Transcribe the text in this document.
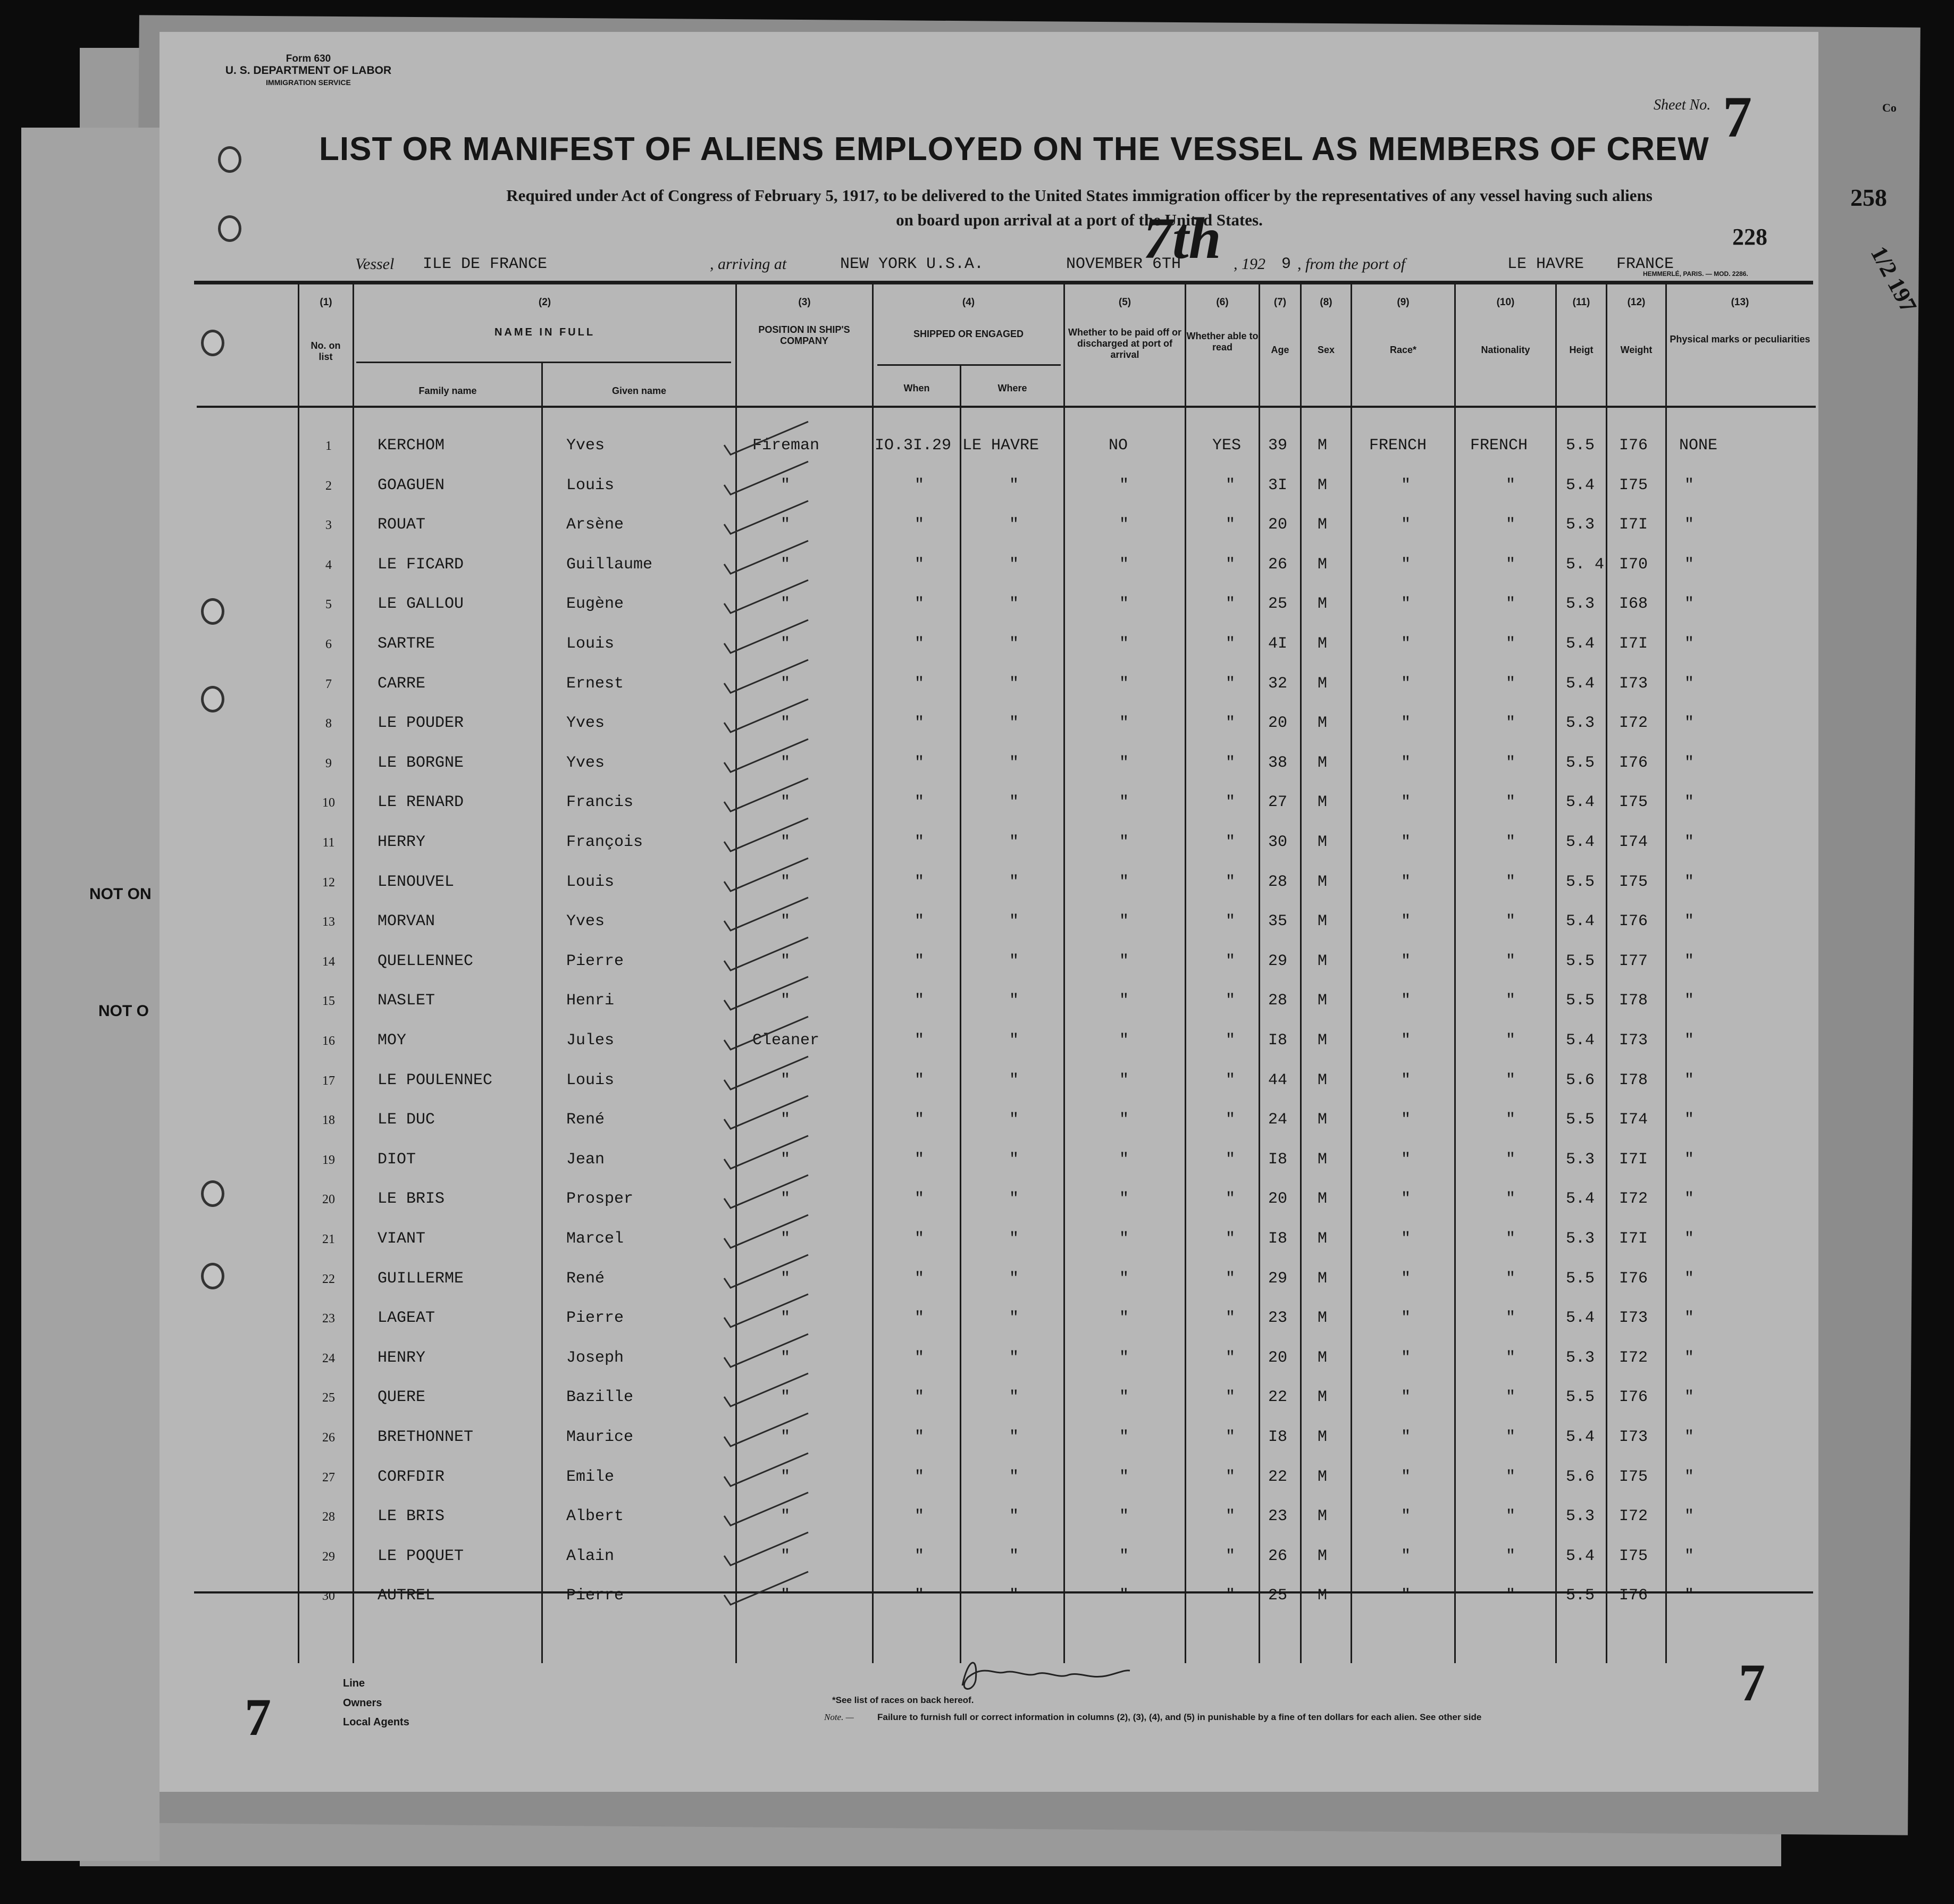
NOT ON
NOT O
258
Co
1/2 197
Form 630
U. S. DEPARTMENT OF LABOR
IMMIGRATION SERVICE
Sheet No. 7
LIST OR MANIFEST OF ALIENS EMPLOYED ON THE VESSEL AS MEMBERS OF CREW
Required under Act of Congress of February 5, 1917, to be delivered to the United States immigration officer by the representatives of any vessel having such aliens
on board upon arrival at a port of the United States.
228
Vessel ILE DE FRANCE	, arriving at	NEW YORK U.S.A.	NOVEMBER 6TH
7th , 192 9 , from the port of	LE HAVRE FRANCE
HEMMERLÉ, PARIS. — MOD. 2286.
(1)	(2)	(3)	(4)	(5)	(6)	(7)	(8)	(9)	(10)	(11)	(12)	(13)
No. on list
NAME IN FULL
Family name	Given name
POSITION IN SHIP'S COMPANY
SHIPPED OR ENGAGED
When	Where
Whether to be paid off or discharged at port of arrival
Whether able to read	Age	Sex	Race*	Nationality	Heigt	Weight
Physical marks or peculiarities
1	KERCHOM	Yves	Fireman	IO.3I.29 LE HAVRE	NO	YES 39 M	FRENCH	FRENCH 5.5 I76 NONE
2	GOAGUEN	Louis	"	"	"	"	" 3I M	"	"	5.4 I75 "
3	ROUAT	Arsène	"	"	"	"	" 20 M	"	"	5.3 I7I "
4	LE FICARD	Guillaume	"	"	"	"	" 26 M	"	"	5. 4 I70 "
5	LE GALLOU	Eugène	"	"	"	"	" 25 M	"	"	5.3 I68 "
6	SARTRE	Louis	"	"	"	"	" 4I M	"	"	5.4 I7I "
7	CARRE	Ernest	"	"	"	"	" 32 M	"	"	5.4 I73 "
8	LE POUDER	Yves	"	"	"	"	" 20 M	"	"	5.3 I72 "
9	LE BORGNE	Yves	"	"	"	"	" 38 M	"	"	5.5 I76 "
10	LE RENARD	Francis	"	"	"	"	" 27 M	"	"	5.4 I75 "
11	HERRY	François	"	"	"	"	" 30 M	"	"	5.4 I74 "
12	LENOUVEL	Louis	"	"	"	"	" 28 M	"	"	5.5 I75 "
13	MORVAN	Yves	"	"	"	"	" 35 M	"	"	5.4 I76 "
14	QUELLENNEC	Pierre	"	"	"	"	" 29 M	"	"	5.5 I77 "
15	NASLET	Henri	"	"	"	"	" 28 M	"	"	5.5 I78 "
16	MOY	Jules	Cleaner	"	"	"	" I8 M	"	"	5.4 I73 "
17	LE POULENNEC	Louis	"	"	"	"	" 44 M	"	"	5.6 I78 "
18	LE DUC	René	"	"	"	"	" 24 M	"	"	5.5 I74 "
19	DIOT	Jean	"	"	"	"	" I8 M	"	"	5.3 I7I "
20	LE BRIS	Prosper	"	"	"	"	" 20 M	"	"	5.4 I72 "
21	VIANT	Marcel	"	"	"	"	" I8 M	"	"	5.3 I7I "
22	GUILLERME	René	"	"	"	"	" 29 M	"	"	5.5 I76 "
23	LAGEAT	Pierre	"	"	"	"	" 23 M	"	"	5.4 I73 "
24	HENRY	Joseph	"	"	"	"	" 20 M	"	"	5.3 I72 "
25	QUERE	Bazille	"	"	"	"	" 22 M	"	"	5.5 I76 "
26	BRETHONNET	Maurice	"	"	"	"	" I8 M	"	"	5.4 I73 "
27	CORFDIR	Emile	"	"	"	"	" 22 M	"	"	5.6 I75 "
28	LE BRIS	Albert	"	"	"	"	" 23 M	"	"	5.3 I72 "
29	LE POQUET	Alain	"	"	"	"	" 26 M	"	"	5.4 I75 "
30	AUTREL	Pierre	"	"	"	"	" 25 M	"	"	5.5 I76 "
Line
Owners
Local Agents
*See list of races on back hereof.
Note. —	Failure to furnish full or correct information in columns (2), (3), (4), and (5) in punishable by a fine of ten dollars for each alien. See other side
7
7
